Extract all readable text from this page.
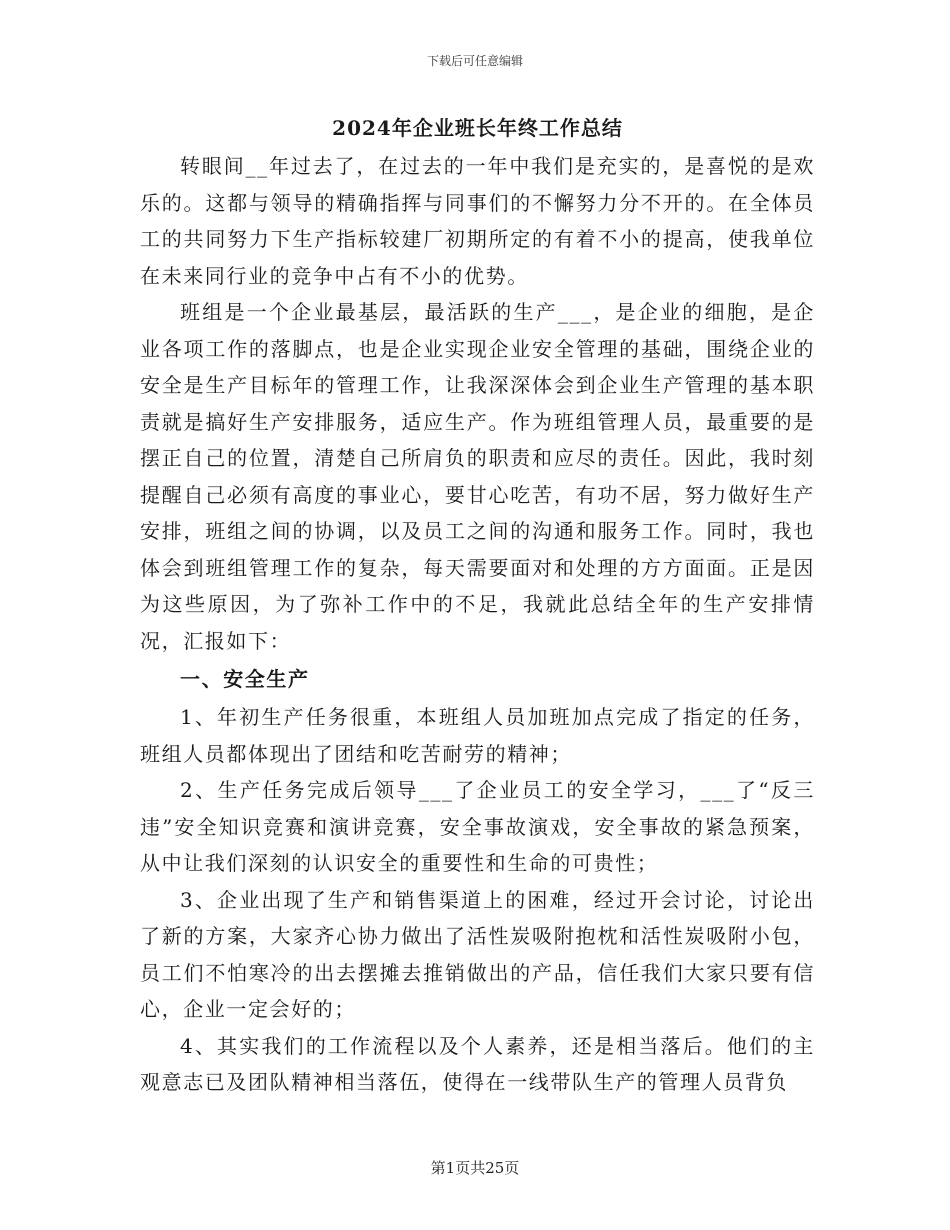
下载后可任意编辑
2024年企业班长年终工作总结

转眼间__年过去了，在过去的一年中我们是充实的，是喜悦的是欢乐的。这都与领导的精确指挥与同事们的不懈努力分不开的。在全体员工的共同努力下生产指标较建厂初期所定的有着不小的提高，使我单位在未来同行业的竞争中占有不小的优势。

班组是一个企业最基层，最活跃的生产___，是企业的细胞，是企业各项工作的落脚点，也是企业实现企业安全管理的基础，围绕企业的安全是生产目标年的管理工作，让我深深体会到企业生产管理的基本职责就是搞好生产安排服务，适应生产。作为班组管理人员，最重要的是摆正自己的位置，清楚自己所肩负的职责和应尽的责任。因此，我时刻提醒自己必须有高度的事业心，要甘心吃苦，有功不居，努力做好生产安排，班组之间的协调，以及员工之间的沟通和服务工作。同时，我也体会到班组管理工作的复杂，每天需要面对和处理的方方面面。正是因为这些原因，为了弥补工作中的不足，我就此总结全年的生产安排情况，汇报如下：

一、安全生产

1、年初生产任务很重，本班组人员加班加点完成了指定的任务，班组人员都体现出了团结和吃苦耐劳的精神；

2、生产任务完成后领导___了企业员工的安全学习，___了“反三违”安全知识竞赛和演讲竞赛，安全事故演戏，安全事故的紧急预案，从中让我们深刻的认识安全的重要性和生命的可贵性；

3、企业出现了生产和销售渠道上的困难，经过开会讨论，讨论出了新的方案，大家齐心协力做出了活性炭吸附抱枕和活性炭吸附小包，员工们不怕寒冷的出去摆摊去推销做出的产品，信任我们大家只要有信心，企业一定会好的；

4、其实我们的工作流程以及个人素养，还是相当落后。他们的主观意志已及团队精神相当落伍，使得在一线带队生产的管理人员背负

第1页共25页
